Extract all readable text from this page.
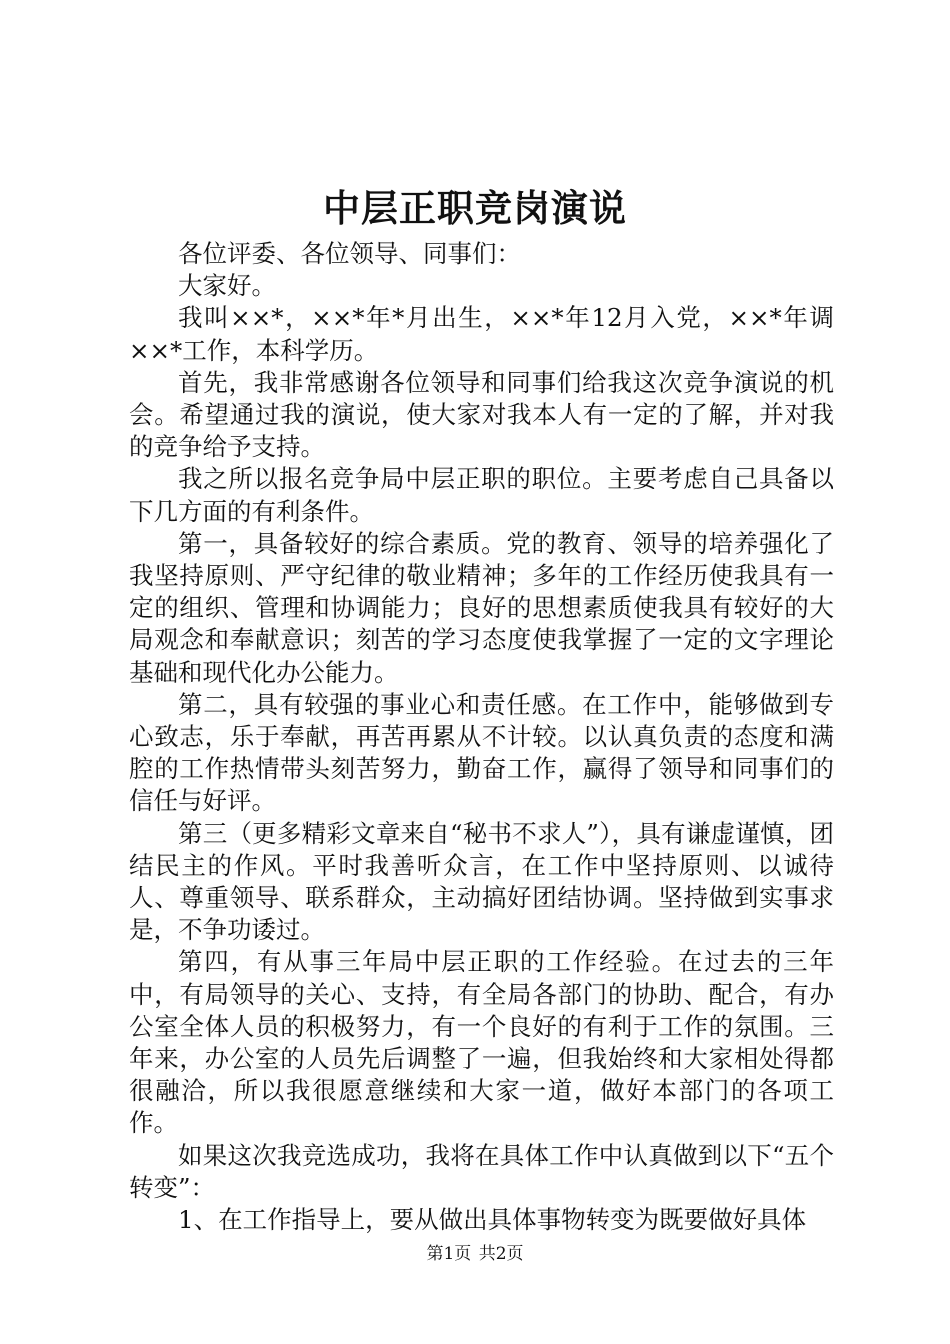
中层正职竞岗演说

各位评委、各位领导、同事们：

大家好。

我叫××*，××*年*月出生，××*年12月入党，××*年调××*工作，本科学历。

首先，我非常感谢各位领导和同事们给我这次竞争演说的机会。希望通过我的演说，使大家对我本人有一定的了解，并对我的竞争给予支持。

我之所以报名竞争局中层正职的职位。主要考虑自己具备以下几方面的有利条件。

第一，具备较好的综合素质。党的教育、领导的培养强化了我坚持原则、严守纪律的敬业精神；多年的工作经历使我具有一定的组织、管理和协调能力；良好的思想素质使我具有较好的大局观念和奉献意识；刻苦的学习态度使我掌握了一定的文字理论基础和现代化办公能力。

第二，具有较强的事业心和责任感。在工作中，能够做到专心致志，乐于奉献，再苦再累从不计较。以认真负责的态度和满腔的工作热情带头刻苦努力，勤奋工作，赢得了领导和同事们的信任与好评。

第三（更多精彩文章来自“秘书不求人”），具有谦虚谨慎，团结民主的作风。平时我善听众言，在工作中坚持原则、以诚待人、尊重领导、联系群众，主动搞好团结协调。坚持做到实事求是，不争功诿过。

第四，有从事三年局中层正职的工作经验。在过去的三年中，有局领导的关心、支持，有全局各部门的协助、配合，有办公室全体人员的积极努力，有一个良好的有利于工作的氛围。三年来，办公室的人员先后调整了一遍，但我始终和大家相处得都很融洽，所以我很愿意继续和大家一道，做好本部门的各项工作。

如果这次我竞选成功，我将在具体工作中认真做到以下“五个转变”：

1、在工作指导上，要从做出具体事物转变为既要做好具体

第1页 共2页
